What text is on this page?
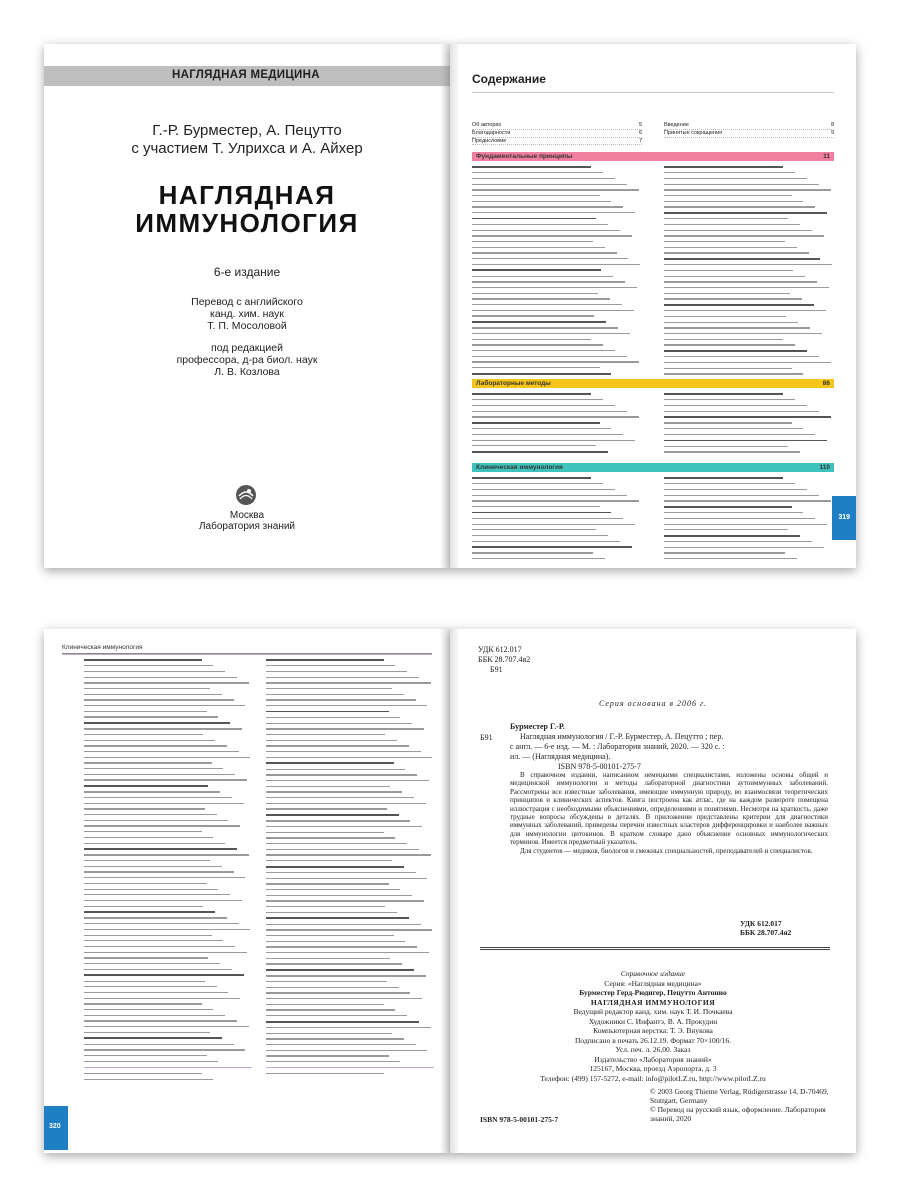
НАГЛЯДНАЯ МЕДИЦИНА
Г.-Р. Бурместер, А. Пецутто
с участием Т. Улрихса и А. Айхер
НАГЛЯДНАЯ
ИММУНОЛОГИЯ
6-е издание
Перевод с английского
канд. хим. наук
Т. П. Мосоловой
под редакцией
профессора, д-ра биол. наук
Л. В. Козлова
Москва
Лаборатория знаний
Содержание
Об авторах	5
Благодарности	6
Предисловие	7
Введение	8
Принятые сокращения	9
Фундаментальные принципы	11
Лабораторные методы	86
Клиническая иммунология	110
319
Клиническая иммунология
320
УДК 612.017
ББК 28.707.4я2
Б91
Серия основана в 2006 г.
Б91

Бурместер Г.-Р.

Наглядная иммунология / Г.-Р. Бурместер, А. Пецутто ; пер.

с англ. — 6-е изд. — М. : Лаборатория знаний, 2020. — 320 с. :

ил. — (Наглядная медицина).

ISBN 978-5-00101-275-7

В справочном издании, написанном немецкими специалистами, изложены основы общей и медицинской иммунологии и методы лабораторной диагностики аутоиммунных заболеваний. Рассмотрены все известные заболевания, имеющие иммунную природу, во взаимосвязи теоретических принципов и клинических аспектов. Книга построена как атлас, где на каждом развороте помещена иллюстрация с необходимыми объяснениями, определениями и понятиями. Несмотря на краткость, даже трудные вопросы обсуждены в деталях. В приложении представлены критерии для диагностики иммунных заболеваний, приведены перечни известных кластеров дифференцировки и наиболее важных для иммунологии цитокинов. В кратком словаре дано объяснение основных иммунологических терминов. Имеется предметный указатель.

Для студентов — медиков, биологов и смежных специальностей, преподавателей и специалистов.

УДК 612.017
ББК 28.707.4я2
Справочное издание
Серия: «Наглядная медицина»
Бурместер Герд-Рюдигер, Пецутто Антонио
НАГЛЯДНАЯ ИММУНОЛОГИЯ
Ведущий редактор канд. хим. наук Т. И. Почкаева
Художники С. Инфантэ, В. А. Прокудин
Компьютерная верстка: Т. Э. Внукова
Подписано в печать 26.12.19. Формат 70×100/16.
Усл. печ. л. 26,00. Заказ
Издательство «Лаборатория знаний»
125167, Москва, проезд Аэропорта, д. 3
Телефон: (499) 157-5272, e-mail: info@pilotLZ.ru, http://www.pilotLZ.ru
© 2003 Georg Thieme Verlag, Rüdigerstrasse 14, D-70469, Stuttgart, Germany
© Перевод на русский язык, оформление. Лаборатория знаний, 2020
ISBN 978-5-00101-275-7
